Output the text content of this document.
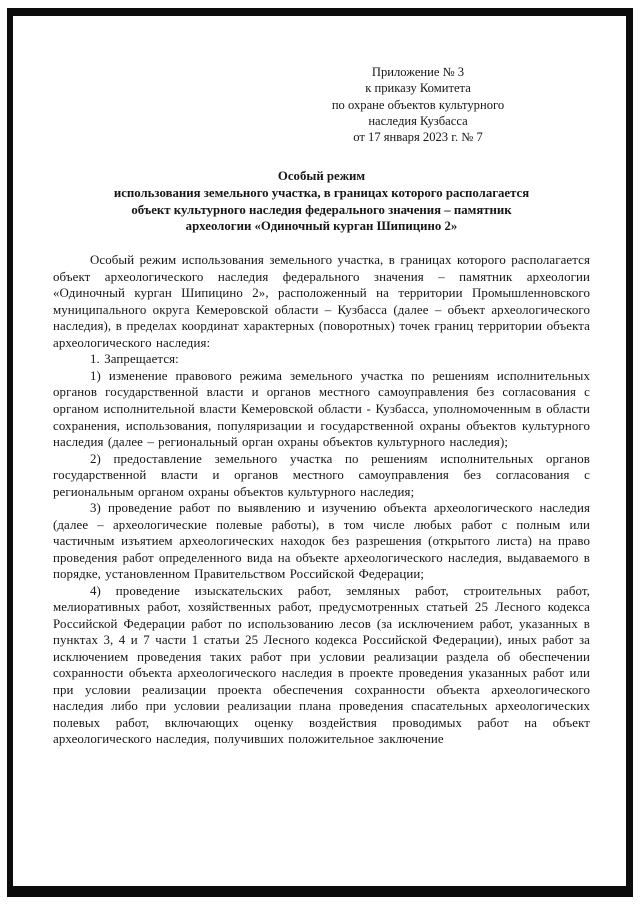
Приложение № 3
к приказу Комитета
по охране объектов культурного
наследия Кузбасса
от 17 января 2023 г. № 7
Особый режим
использования земельного участка, в границах которого располагается
объект культурного наследия федерального значения – памятник
археологии «Одиночный курган Шипицино 2»

Особый режим использования земельного участка, в границах которого располагается объект археологического наследия федерального значения – памятник археологии «Одиночный курган Шипицино 2», расположенный на территории Промышленновского муниципального округа Кемеровской области – Кузбасса (далее – объект археологического наследия), в пределах координат характерных (поворотных) точек границ территории объекта археологического наследия:

1. Запрещается:

1) изменение правового режима земельного участка по решениям исполнительных органов государственной власти и органов местного самоуправления без согласования с органом исполнительной власти Кемеровской области - Кузбасса, уполномоченным в области сохранения, использования, популяризации и государственной охраны объектов культурного наследия (далее – региональный орган охраны объектов культурного наследия);

2) предоставление земельного участка по решениям исполнительных органов государственной власти и органов местного самоуправления без согласования с региональным органом охраны объектов культурного наследия;

3) проведение работ по выявлению и изучению объекта археологического наследия (далее – археологические полевые работы), в том числе любых работ с полным или частичным изъятием археологических находок без разрешения (открытого листа) на право проведения работ определенного вида на объекте археологического наследия, выдаваемого в порядке, установленном Правительством Российской Федерации;

4) проведение изыскательских работ, земляных работ, строительных работ, мелиоративных работ, хозяйственных работ, предусмотренных статьей 25 Лесного кодекса Российской Федерации работ по использованию лесов (за исключением работ, указанных в пунктах 3, 4 и 7 части 1 статьи 25 Лесного кодекса Российской Федерации), иных работ за исключением проведения таких работ при условии реализации раздела об обеспечении сохранности объекта археологического наследия в проекте проведения указанных работ или при условии реализации проекта обеспечения сохранности объекта археологического наследия либо при условии реализации плана проведения спасательных археологических полевых работ, включающих оценку воздействия проводимых работ на объект археологического наследия, получивших положительное заключение
